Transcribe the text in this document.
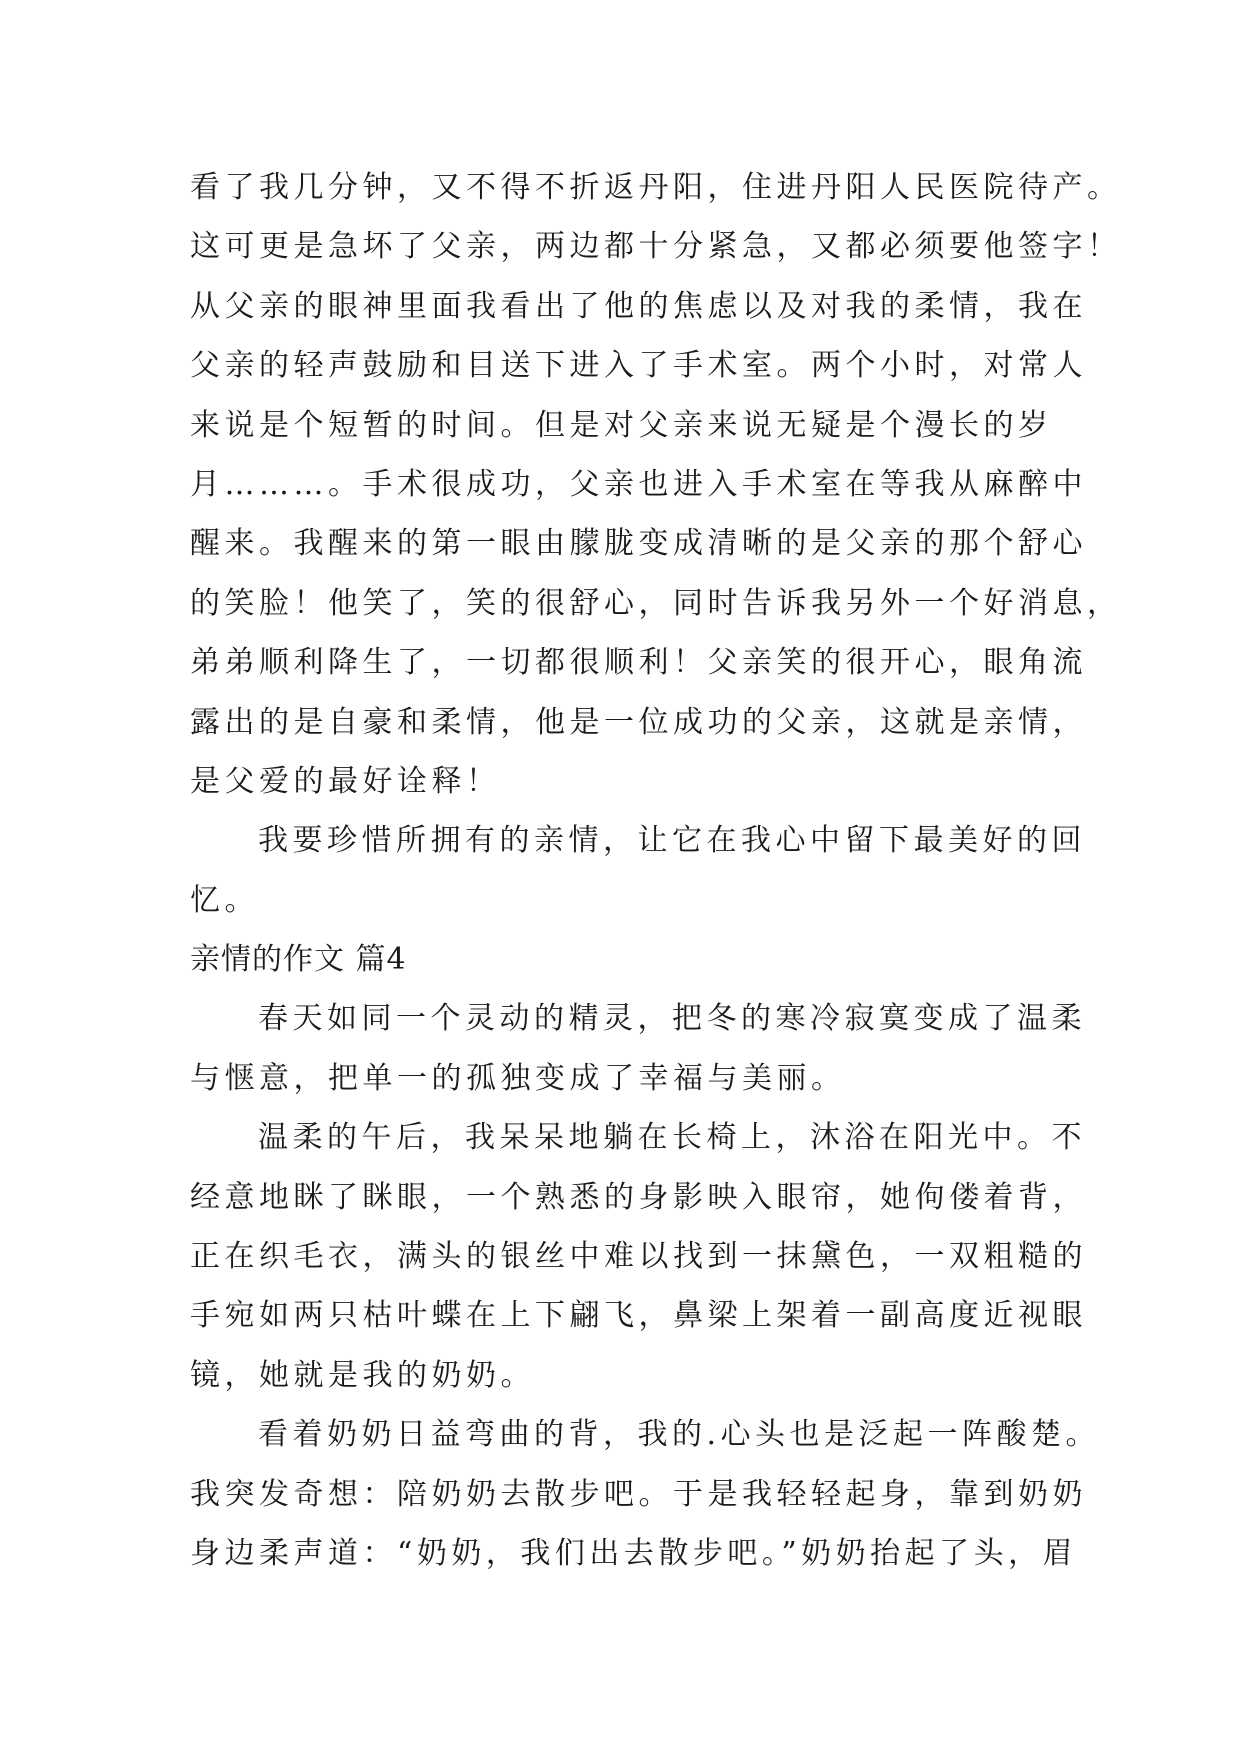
看了我几分钟，又不得不折返丹阳，住进丹阳人民医院待产。
这可更是急坏了父亲，两边都十分紧急，又都必须要他签字！
从父亲的眼神里面我看出了他的焦虑以及对我的柔情，我在
父亲的轻声鼓励和目送下进入了手术室。两个小时，对常人
来说是个短暂的时间。但是对父亲来说无疑是个漫长的岁
月………。手术很成功，父亲也进入手术室在等我从麻醉中
醒来。我醒来的第一眼由朦胧变成清晰的是父亲的那个舒心
的笑脸！他笑了，笑的很舒心，同时告诉我另外一个好消息，
弟弟顺利降生了，一切都很顺利！父亲笑的很开心，眼角流
露出的是自豪和柔情，他是一位成功的父亲，这就是亲情，
是父爱的最好诠释！
我要珍惜所拥有的亲情，让它在我心中留下最美好的回
忆。
亲情的作文 篇4
春天如同一个灵动的精灵，把冬的寒冷寂寞变成了温柔
与惬意，把单一的孤独变成了幸福与美丽。
温柔的午后，我呆呆地躺在长椅上，沐浴在阳光中。不
经意地眯了眯眼，一个熟悉的身影映入眼帘，她佝偻着背，
正在织毛衣，满头的银丝中难以找到一抹黛色，一双粗糙的
手宛如两只枯叶蝶在上下翩飞，鼻梁上架着一副高度近视眼
镜，她就是我的奶奶。
看着奶奶日益弯曲的背，我的.心头也是泛起一阵酸楚。
我突发奇想：陪奶奶去散步吧。于是我轻轻起身，靠到奶奶
身边柔声道：“奶奶，我们出去散步吧。”奶奶抬起了头，眉
